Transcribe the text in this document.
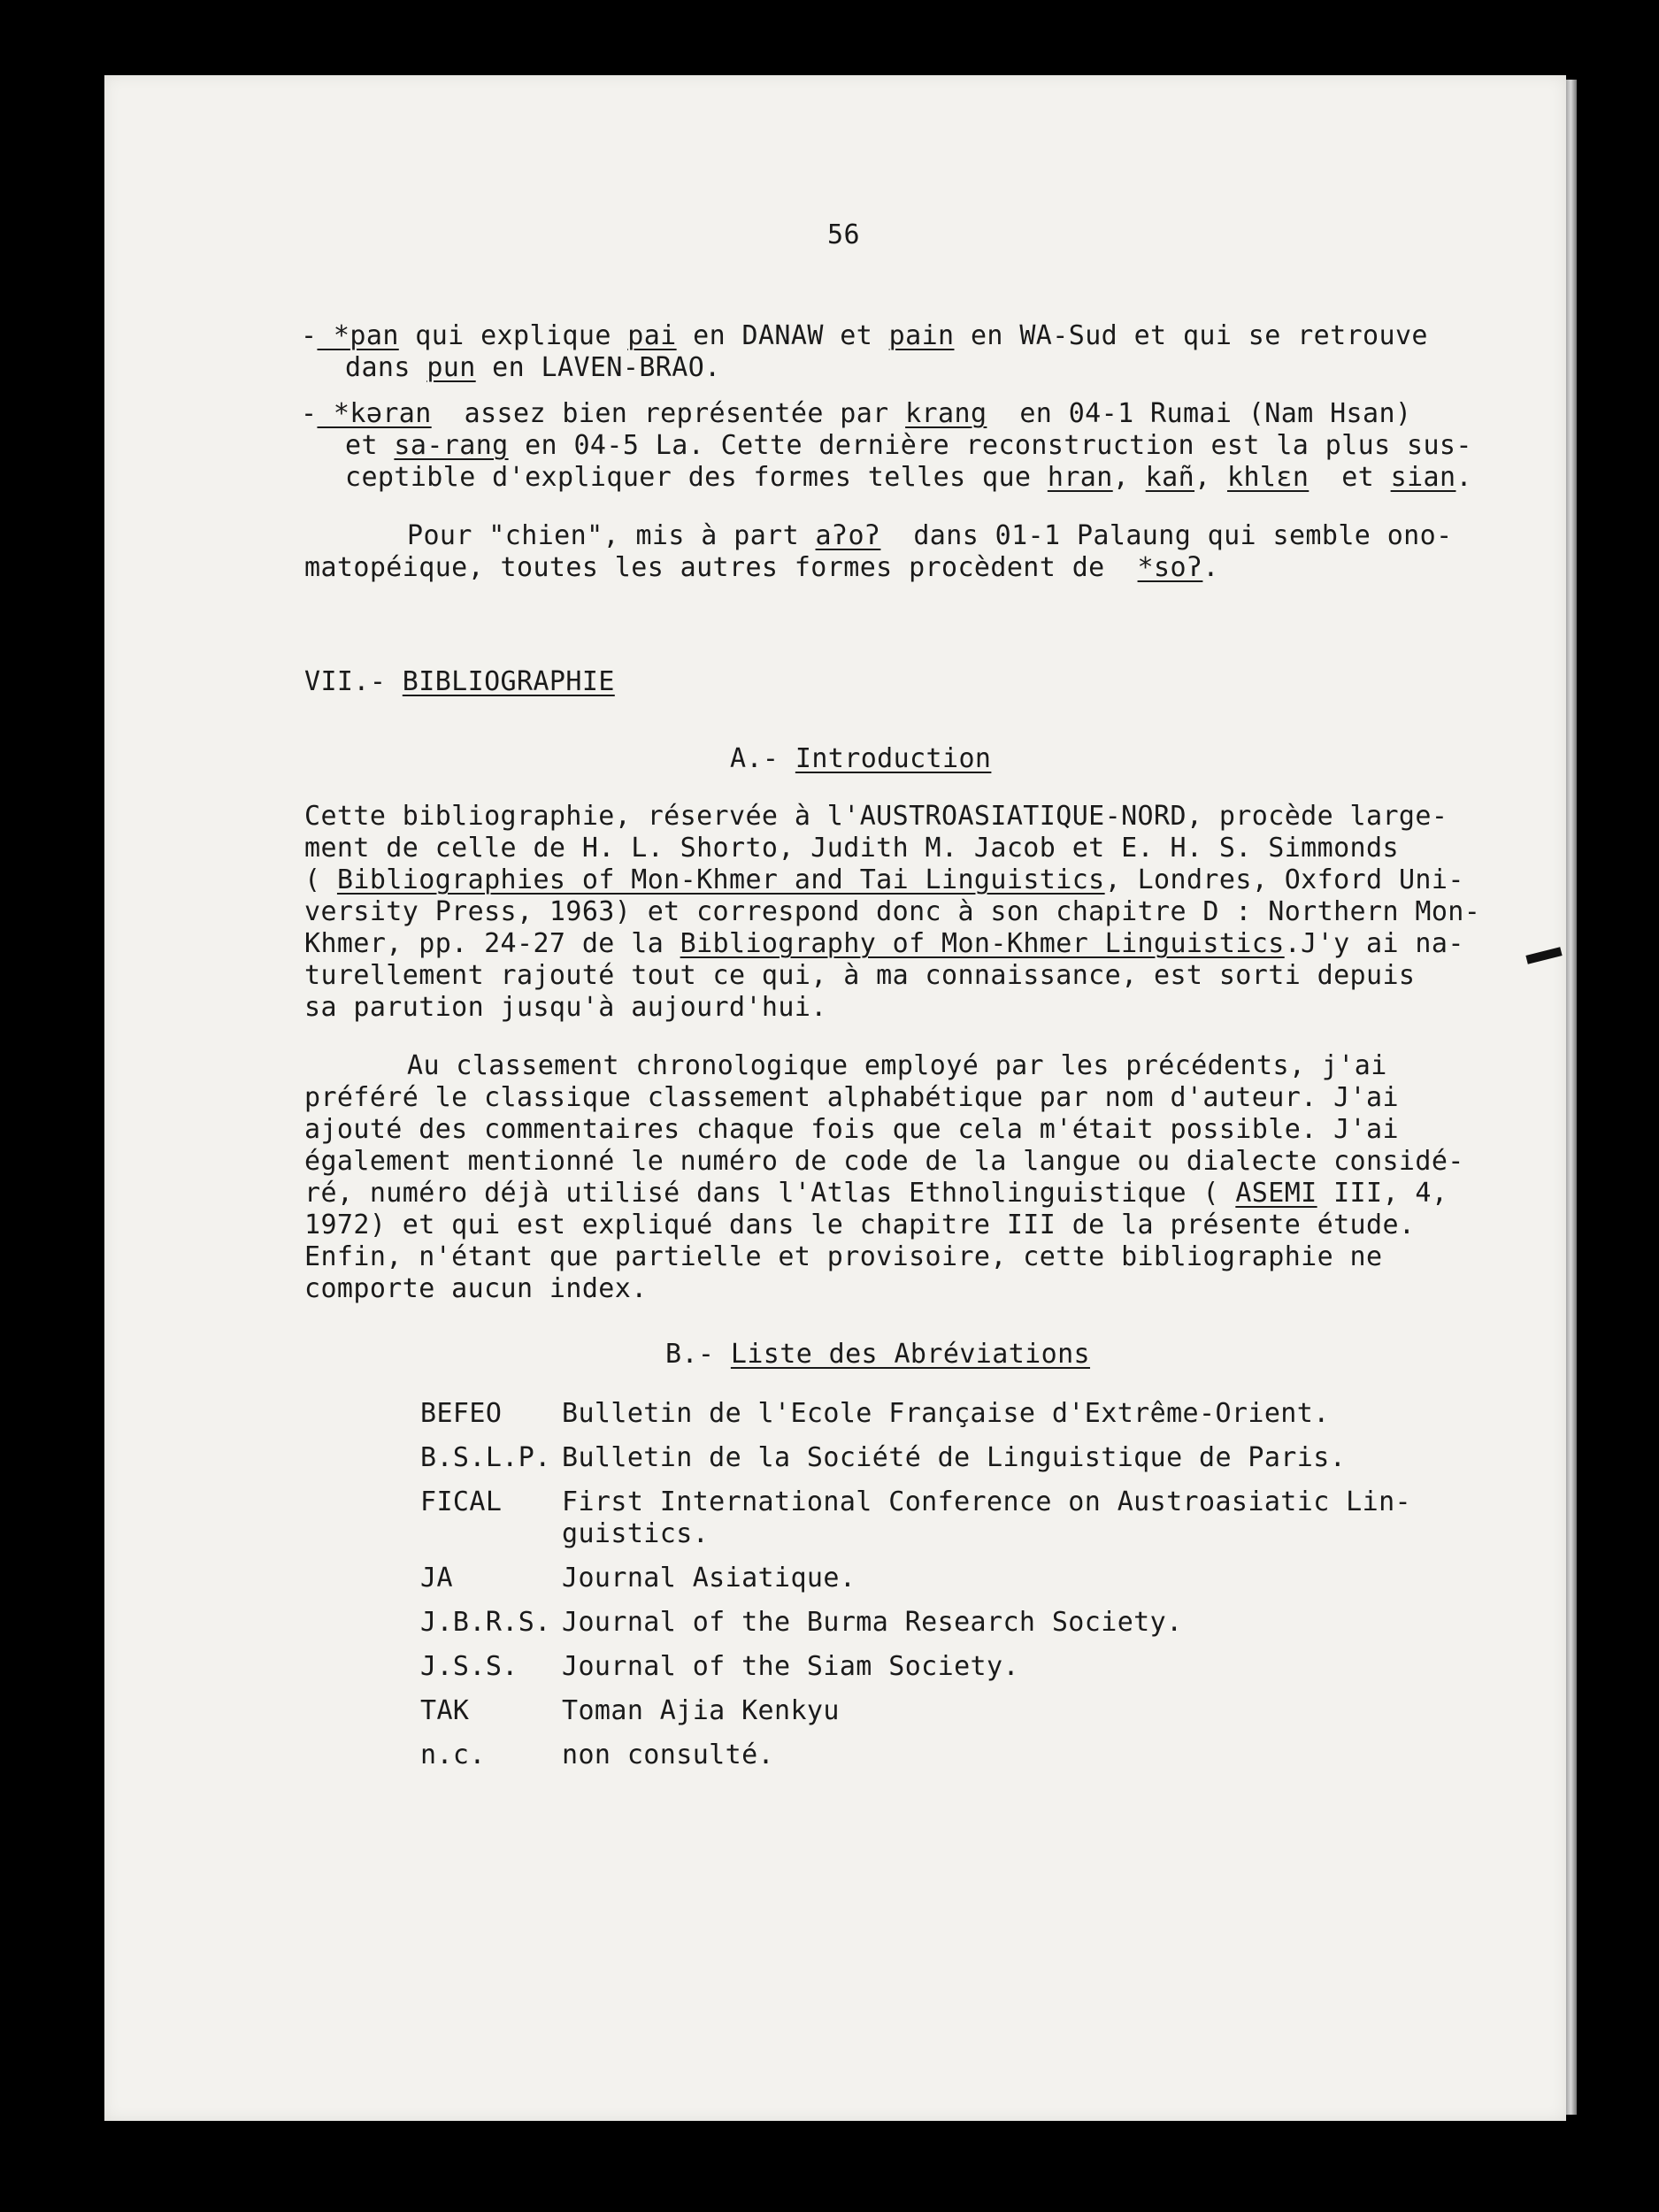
56
- *pan qui explique pai en DANAW et pain en WA-Sud et qui se retrouve
dans pun en LAVEN-BRAO.
- *kəran  assez bien représentée par krang  en 04-1 Rumai (Nam Hsan)
et sa-rang en 04-5 La. Cette dernière reconstruction est la plus sus-
ceptible d'expliquer des formes telles que hran, kañ, khlɛn  et sian.
Pour "chien", mis à part aʔoʔ  dans 01-1 Palaung qui semble ono-
matopéique, toutes les autres formes procèdent de  *soʔ.
VII.- BIBLIOGRAPHIE
A.- Introduction
Cette bibliographie, réservée à l'AUSTROASIATIQUE-NORD, procède large-
ment de celle de H. L. Shorto, Judith M. Jacob et E. H. S. Simmonds
( Bibliographies of Mon-Khmer and Tai Linguistics, Londres, Oxford Uni-
versity Press, 1963) et correspond donc à son chapitre D : Northern Mon-
Khmer, pp. 24-27 de la Bibliography of Mon-Khmer Linguistics.J'y ai na-
turellement rajouté tout ce qui, à ma connaissance, est sorti depuis
sa parution jusqu'à aujourd'hui.
Au classement chronologique employé par les précédents, j'ai
préféré le classique classement alphabétique par nom d'auteur. J'ai
ajouté des commentaires chaque fois que cela m'était possible. J'ai
également mentionné le numéro de code de la langue ou dialecte considé-
ré, numéro déjà utilisé dans l'Atlas Ethnolinguistique ( ASEMI III, 4,
1972) et qui est expliqué dans le chapitre III de la présente étude.
Enfin, n'étant que partielle et provisoire, cette bibliographie ne
comporte aucun index.
B.- Liste des Abréviations
BEFEO Bulletin de l'Ecole Française d'Extrême-Orient.
B.S.L.P. Bulletin de la Société de Linguistique de Paris.
FICAL First International Conference on Austroasiatic Lin-
guistics.
JA	Journal Asiatique.
J.B.R.S. Journal of the Burma Research Society.
J.S.S. Journal of the Siam Society.
TAK	Toman Ajia Kenkyu
n.c.	non consulté.
